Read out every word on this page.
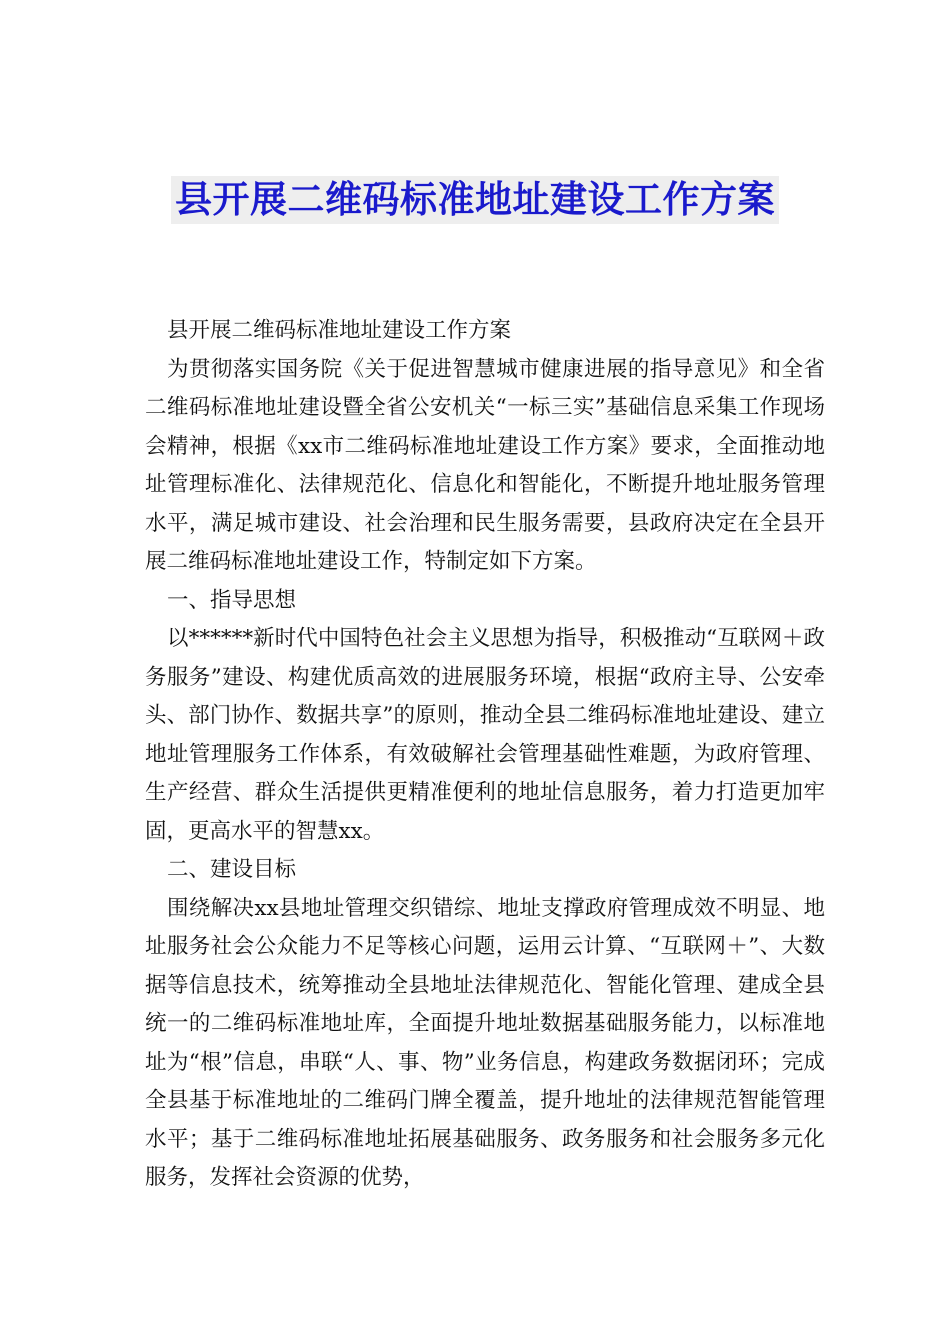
县开展二维码标准地址建设工作方案

县开展二维码标准地址建设工作方案

为贯彻落实国务院《关于促进智慧城市健康进展的指导意见》和全省二维码标准地址建设暨全省公安机关“一标三实”基础信息采集工作现场会精神，根据《xx市二维码标准地址建设工作方案》要求，全面推动地址管理标准化、法律规范化、信息化和智能化，不断提升地址服务管理水平，满足城市建设、社会治理和民生服务需要，县政府决定在全县开展二维码标准地址建设工作，特制定如下方案。

一、指导思想

以******新时代中国特色社会主义思想为指导，积极推动“互联网＋政务服务”建设、构建优质高效的进展服务环境，根据“政府主导、公安牵头、部门协作、数据共享”的原则，推动全县二维码标准地址建设、建立地址管理服务工作体系，有效破解社会管理基础性难题，为政府管理、生产经营、群众生活提供更精准便利的地址信息服务，着力打造更加牢固，更高水平的智慧xx。

二、建设目标

围绕解决xx县地址管理交织错综、地址支撑政府管理成效不明显、地址服务社会公众能力不足等核心问题，运用云计算、“互联网＋”、大数据等信息技术，统筹推动全县地址法律规范化、智能化管理、建成全县统一的二维码标准地址库，全面提升地址数据基础服务能力，以标准地址为“根”信息，串联“人、事、物”业务信息，构建政务数据闭环；完成全县基于标准地址的二维码门牌全覆盖，提升地址的法律规范智能管理水平；基于二维码标准地址拓展基础服务、政务服务和社会服务多元化服务，发挥社会资源的优势，
